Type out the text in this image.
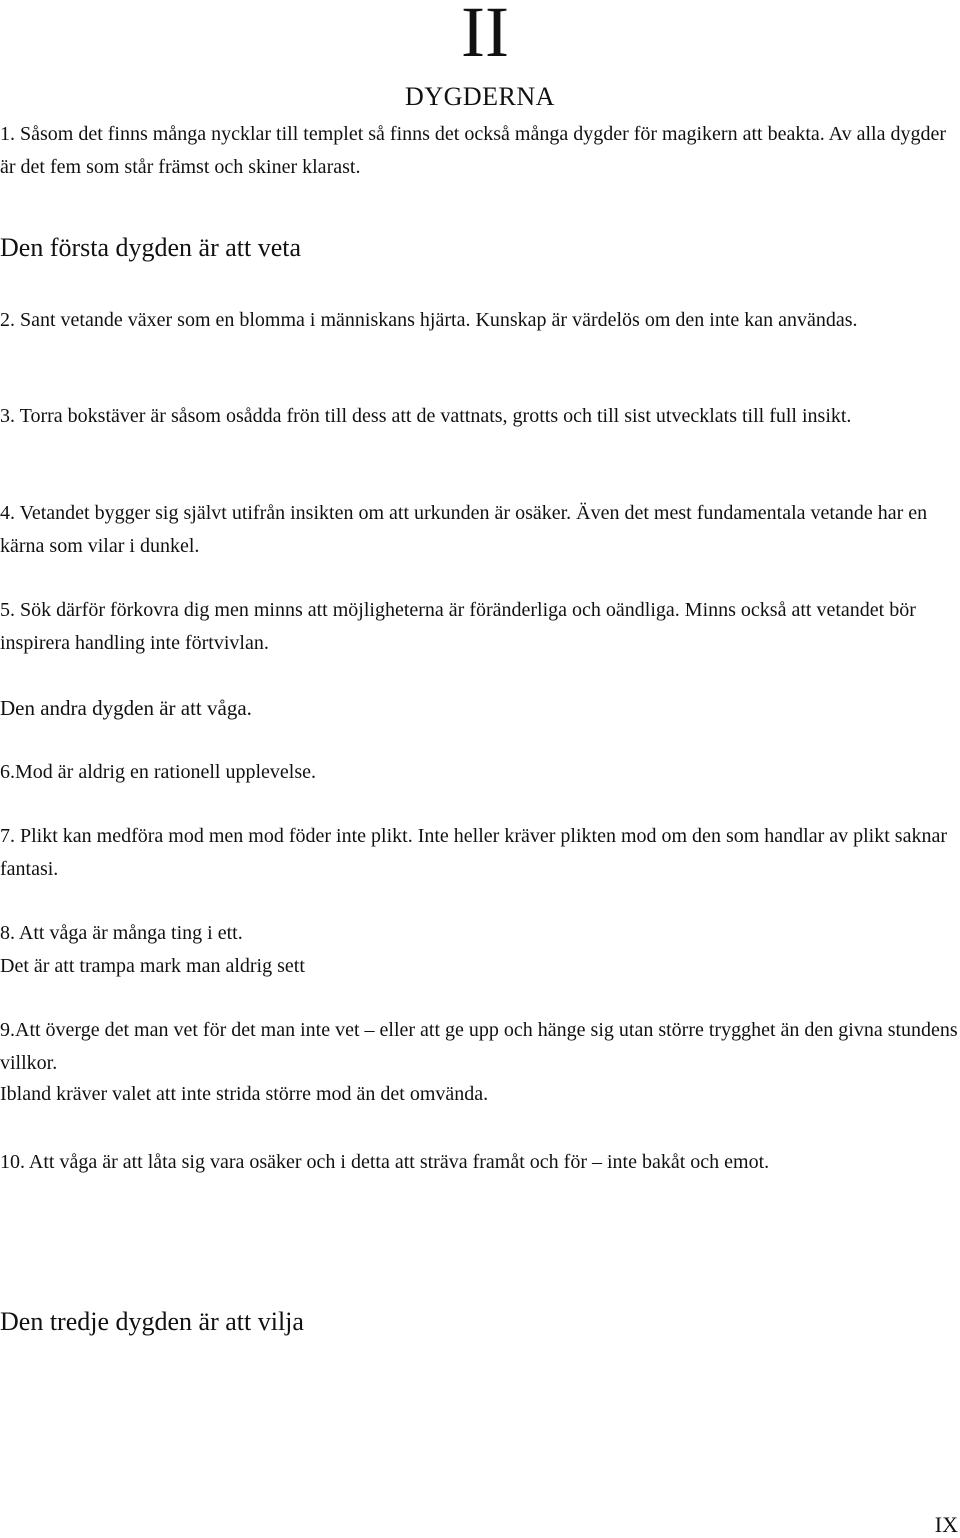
II
DYGDERNA

1. Såsom det finns många nycklar till templet så finns det också många dygder för magikern att beakta. Av alla dygder är det fem som står främst och skiner klarast.

Den första dygden är att veta

2. Sant vetande växer som en blomma i människans hjärta. Kunskap är värdelös om den inte kan användas.

3. Torra bokstäver är såsom osådda frön till dess att de vattnats, grotts och till sist utvecklats till full insikt.

4. Vetandet bygger sig självt utifrån insikten om att urkunden är osäker. Även det mest fundamentala vetande har en kärna som vilar i dunkel.

5. Sök därför förkovra dig men minns att möjligheterna är föränderliga och oändliga. Minns också att vetandet bör inspirera handling inte förtvivlan.

Den andra dygden är att våga.

6.Mod är aldrig en rationell upplevelse.

7. Plikt kan medföra mod men mod föder inte plikt. Inte heller kräver plikten mod om den som handlar av plikt saknar fantasi.

8. Att våga är många ting i ett.

Det är att trampa mark man aldrig sett

9.Att överge det man vet för det man inte vet – eller att ge upp och hänge sig utan större trygghet än den givna stundens villkor.

Ibland kräver valet att inte strida större mod än det omvända.

10. Att våga är att låta sig vara osäker och i detta att sträva framåt och för – inte bakåt och emot.

Den tredje dygden är att vilja
IX
